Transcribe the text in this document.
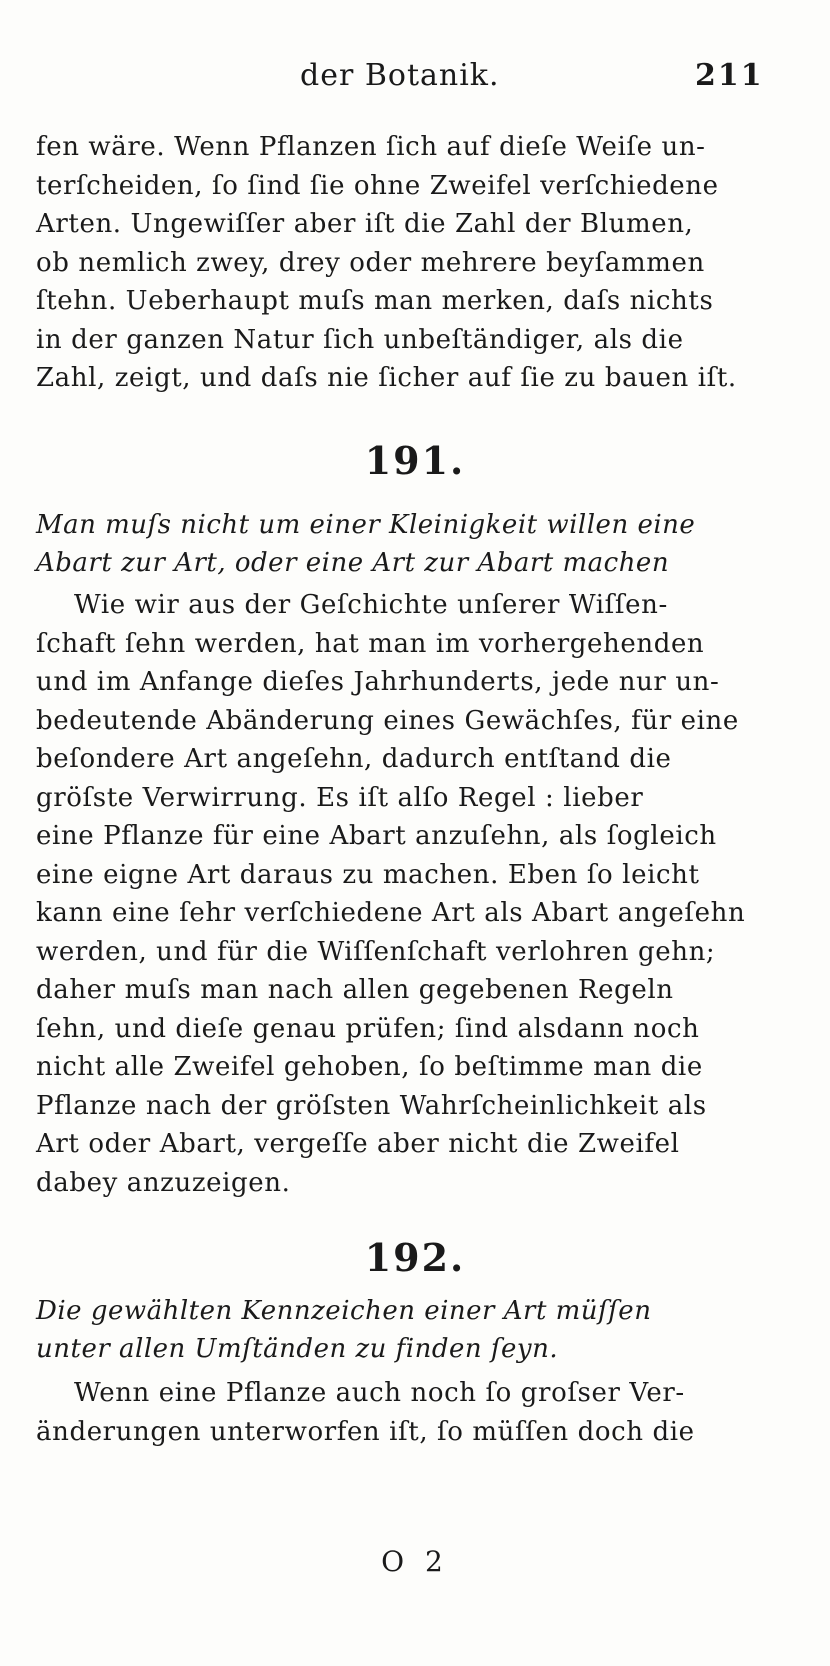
der Botanik.	211
fen wäre. Wenn Pflanzen ſich auf dieſe Weiſe un-
terſcheiden, ſo ſind ſie ohne Zweifel verſchiedene
Arten. Ungewiſſer aber iſt die Zahl der Blumen,
ob nemlich zwey, drey oder mehrere beyſammen
ſtehn. Ueberhaupt muſs man merken, daſs nichts
in der ganzen Natur ſich unbeſtändiger, als die
Zahl, zeigt, und daſs nie ſicher auf ſie zu bauen iſt.
191.
Man muſs nicht um einer Kleinigkeit willen eine
Abart zur Art, oder eine Art zur Abart machen
Wie wir aus der Geſchichte unſerer Wiſſen-
ſchaft ſehn werden, hat man im vorhergehenden
und im Anfange dieſes Jahrhunderts, jede nur un-
bedeutende Abänderung eines Gewächſes, für eine
beſondere Art angeſehn, dadurch entſtand die
gröſste Verwirrung. Es iſt alſo Regel : lieber
eine Pflanze für eine Abart anzuſehn, als ſogleich
eine eigne Art daraus zu machen. Eben ſo leicht
kann eine ſehr verſchiedene Art als Abart angeſehn
werden, und für die Wiſſenſchaft verlohren gehn;
daher muſs man nach allen gegebenen Regeln
ſehn, und dieſe genau prüfen; ſind alsdann noch
nicht alle Zweifel gehoben, ſo beſtimme man die
Pflanze nach der gröſsten Wahrſcheinlichkeit als
Art oder Abart, vergeſſe aber nicht die Zweifel
dabey anzuzeigen.
192.
Die gewählten Kennzeichen einer Art müſſen
unter allen Umſtänden zu finden ſeyn.
Wenn eine Pflanze auch noch ſo groſser Ver-
änderungen unterworfen iſt, ſo müſſen doch die
O 2
